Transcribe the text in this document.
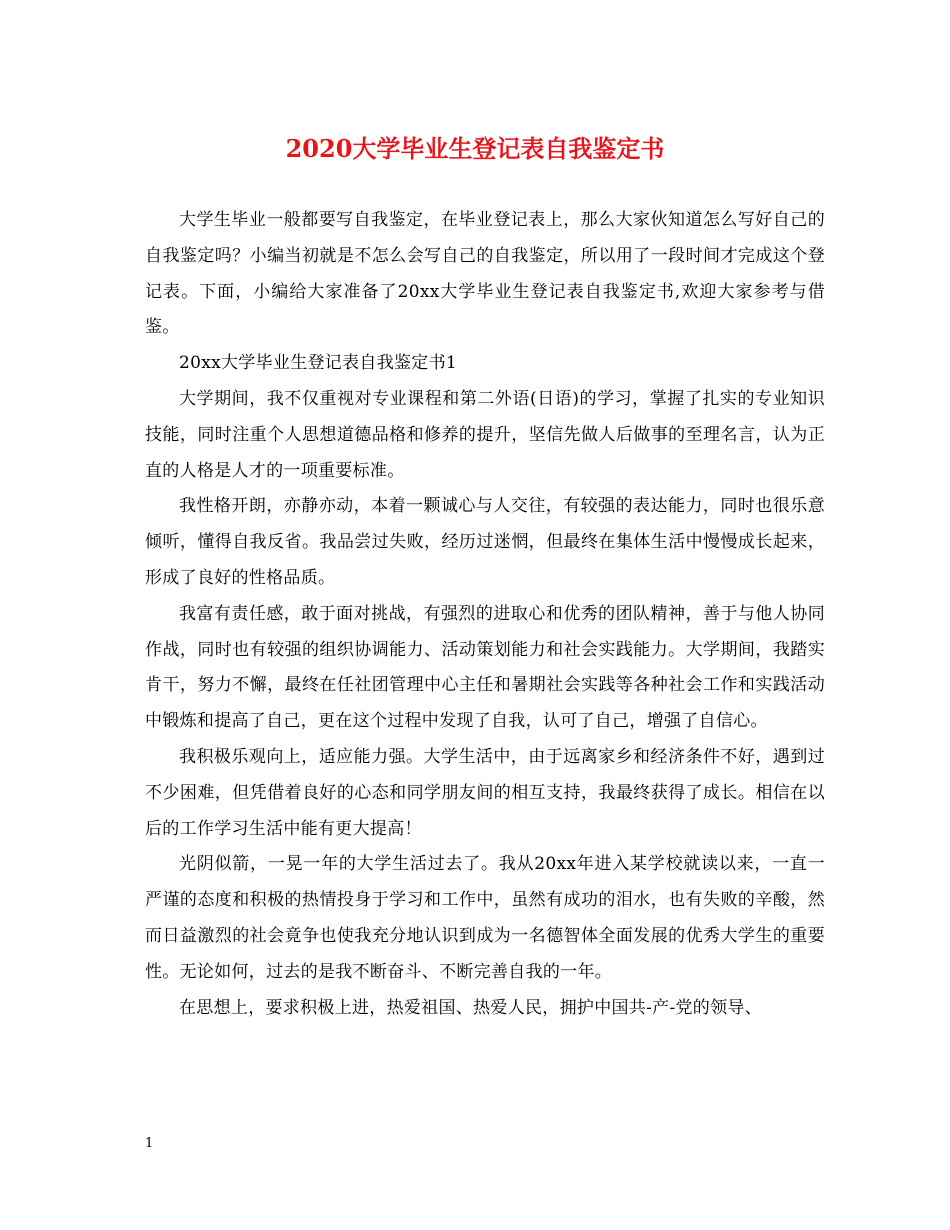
2020大学毕业生登记表自我鉴定书

大学生毕业一般都要写自我鉴定，在毕业登记表上，那么大家伙知道怎么写好自己的自我鉴定吗？小编当初就是不怎么会写自己的自我鉴定，所以用了一段时间才完成这个登记表。下面，小编给大家准备了20xx大学毕业生登记表自我鉴定书,欢迎大家参考与借鉴。

20xx大学毕业生登记表自我鉴定书1

大学期间，我不仅重视对专业课程和第二外语(日语)的学习，掌握了扎实的专业知识技能，同时注重个人思想道德品格和修养的提升，坚信先做人后做事的至理名言，认为正直的人格是人才的一项重要标准。

我性格开朗，亦静亦动，本着一颗诚心与人交往，有较强的表达能力，同时也很乐意倾听，懂得自我反省。我品尝过失败，经历过迷惘，但最终在集体生活中慢慢成长起来，形成了良好的性格品质。

我富有责任感，敢于面对挑战，有强烈的进取心和优秀的团队精神，善于与他人协同作战，同时也有较强的组织协调能力、活动策划能力和社会实践能力。大学期间，我踏实肯干，努力不懈，最终在任社团管理中心主任和暑期社会实践等各种社会工作和实践活动中锻炼和提高了自己，更在这个过程中发现了自我，认可了自己，增强了自信心。

我积极乐观向上，适应能力强。大学生活中，由于远离家乡和经济条件不好，遇到过不少困难，但凭借着良好的心态和同学朋友间的相互支持，我最终获得了成长。相信在以后的工作学习生活中能有更大提高！

光阴似箭，一晃一年的大学生活过去了。我从20xx年进入某学校就读以来，一直一严谨的态度和积极的热情投身于学习和工作中，虽然有成功的泪水，也有失败的辛酸，然而日益激烈的社会竟争也使我充分地认识到成为一名德智体全面发展的优秀大学生的重要性。无论如何，过去的是我不断奋斗、不断完善自我的一年。

在思想上，要求积极上进，热爱祖国、热爱人民，拥护中国共-产-党的领导、

1
